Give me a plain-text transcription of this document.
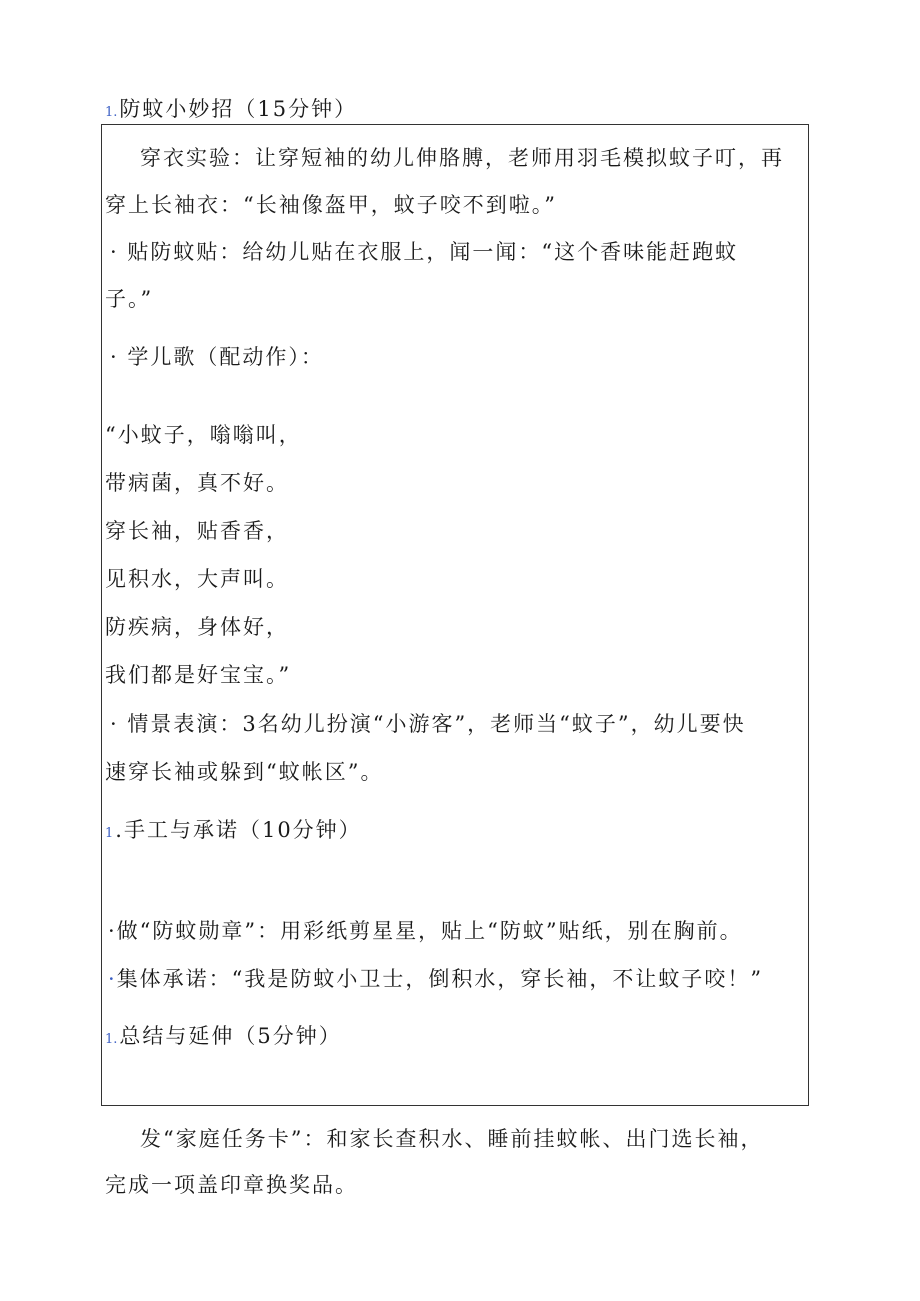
1.防蚊小妙招（15分钟）
穿衣实验：让穿短袖的幼儿伸胳膊，老师用羽毛模拟蚊子叮，再
穿上长袖衣：“长袖像盔甲，蚊子咬不到啦。”
· 贴防蚊贴：给幼儿贴在衣服上，闻一闻：“这个香味能赶跑蚊
子。”
· 学儿歌（配动作）：
“小蚊子，嗡嗡叫，
带病菌，真不好。
穿长袖，贴香香，
见积水，大声叫。
防疾病，身体好，
我们都是好宝宝。”
· 情景表演：3名幼儿扮演“小游客”，老师当“蚊子”，幼儿要快
速穿长袖或躲到“蚊帐区”。
1.手工与承诺（10分钟）
·做“防蚊勋章”：用彩纸剪星星，贴上“防蚊”贴纸，别在胸前。
·集体承诺：“我是防蚊小卫士，倒积水，穿长袖，不让蚊子咬！”
1.总结与延伸（5分钟）
发“家庭任务卡”：和家长查积水、睡前挂蚊帐、出门选长袖，
完成一项盖印章换奖品。
